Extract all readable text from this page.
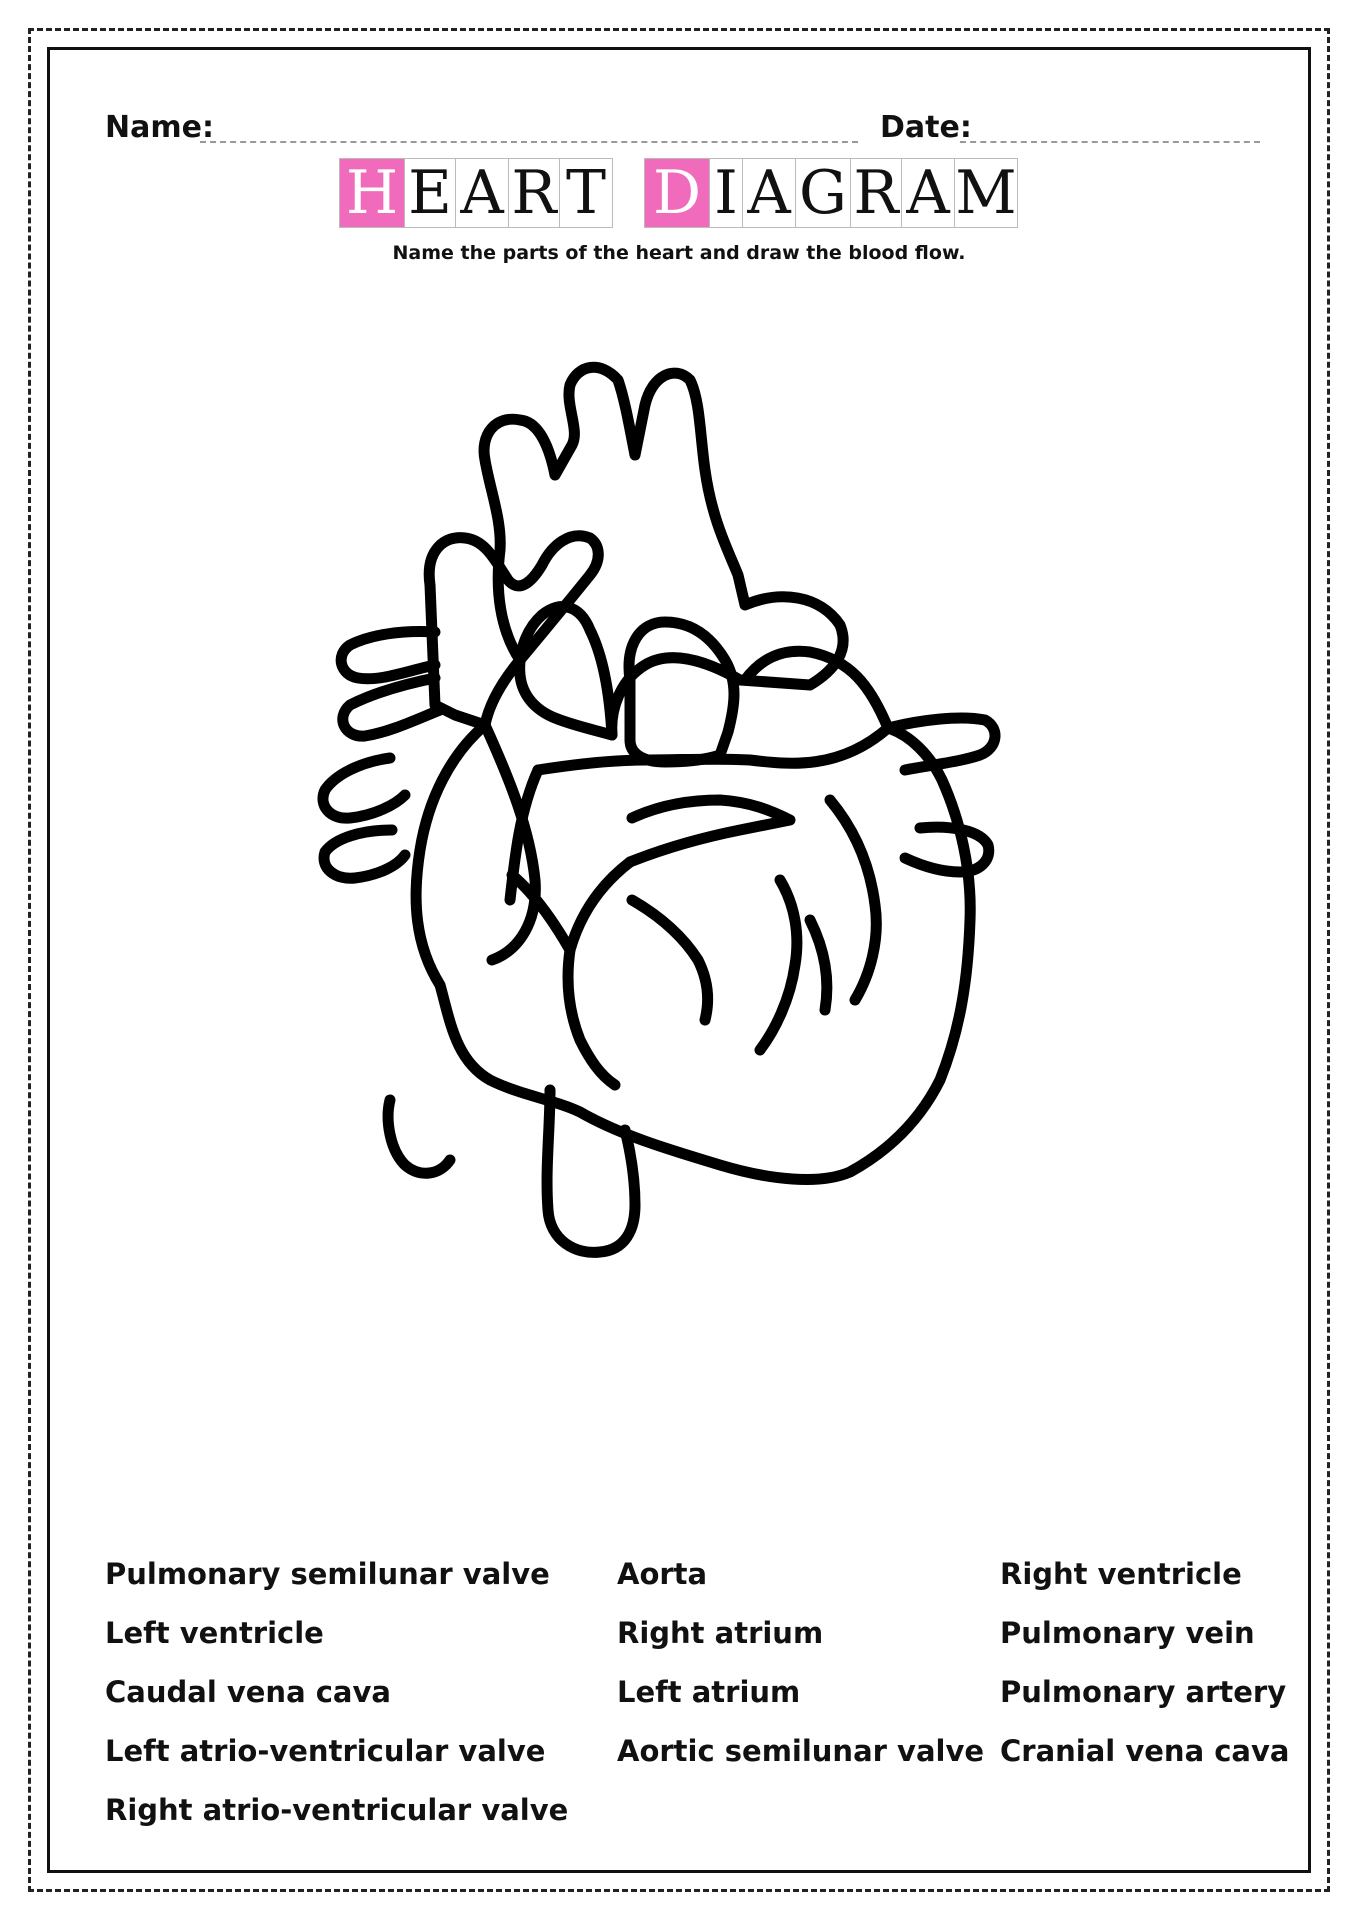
Name:	Date:
H E A R T D I A G R A M
Name the parts of the heart and draw the blood flow.
Pulmonary semilunar valve
Left ventricle
Caudal vena cava
Left atrio-ventricular valve
Right atrio-ventricular valve
Aorta
Right atrium
Left atrium
Aortic semilunar valve
Right ventricle
Pulmonary vein
Pulmonary artery
Cranial vena cava
